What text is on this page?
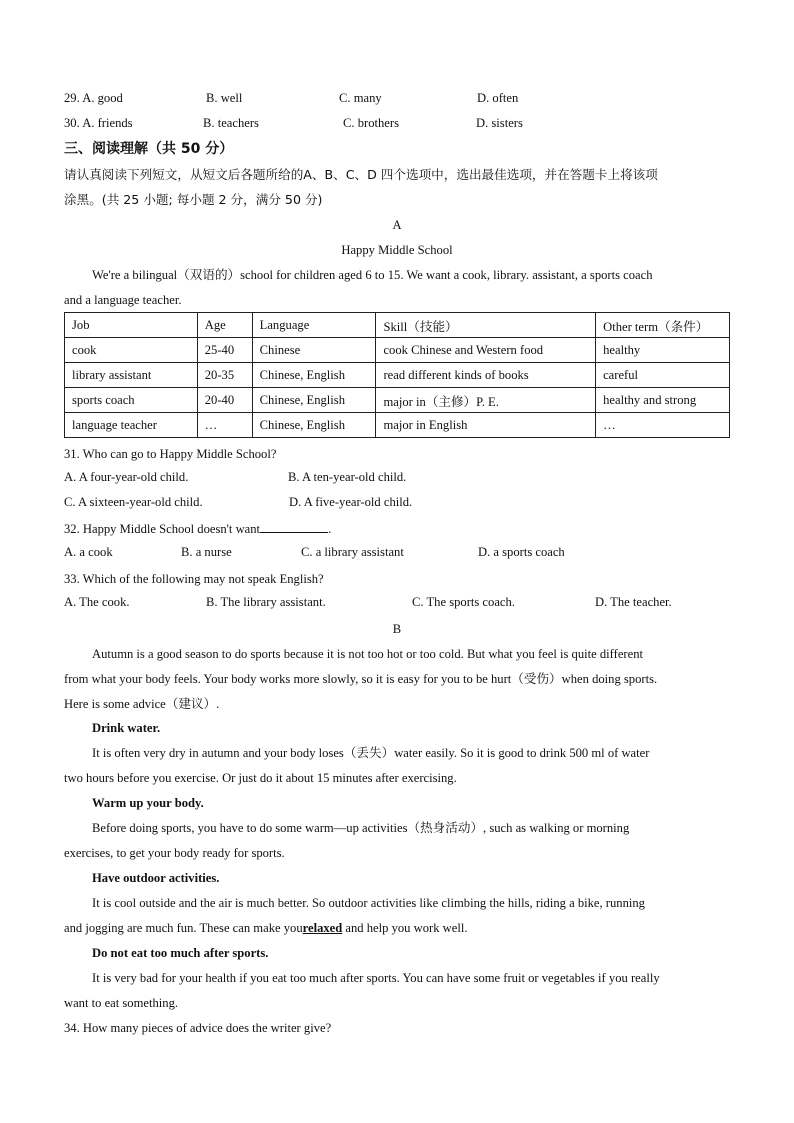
29. A. good	B. well	C. many	D. often
30. A. friends	B. teachers	C. brothers	D. sisters
三、阅读理解（共 50 分）
请认真阅读下列短文，从短文后各题所给的A、B、C、D 四个选项中，选出最佳选项，并在答题卡上将该项
涂黑。(共 25 小题; 每小题 2 分，满分 50 分)
A
Happy Middle School
We're a bilingual（双语的）school for children aged 6 to 15. We want a cook, library. assistant, a sports coach
and a language teacher.
Job	Age	Language	Skill（技能）	Other term（条件）
cook	25-40	Chinese	cook Chinese and Western food	healthy
library assistant	20-35	Chinese, English	read different kinds of books	careful
sports coach	20-40	Chinese, English	major in（主修）P. E.	healthy and strong
language teacher	…	Chinese, English	major in English	…
31. Who can go to Happy Middle School?
A. A four-year-old child.	B. A ten-year-old child.
C. A sixteen-year-old child.	D. A five-year-old child.
32. Happy Middle School doesn't want	.
A. a cook	B. a nurse	C. a library assistant	D. a sports coach
33. Which of the following may not speak English?
A. The cook.	B. The library assistant.	C. The sports coach.	D. The teacher.
B
Autumn is a good season to do sports because it is not too hot or too cold. But what you feel is quite different
from what your body feels. Your body works more slowly, so it is easy for you to be hurt（受伤）when doing sports.
Here is some advice（建议）.
Drink water.
It is often very dry in autumn and your body loses（丢失）water easily. So it is good to drink 500 ml of water
two hours before you exercise. Or just do it about 15 minutes after exercising.
Warm up your body.
Before doing sports, you have to do some warm—up activities（热身活动）, such as walking or morning
exercises, to get your body ready for sports.
Have outdoor activities.
It is cool outside and the air is much better. So outdoor activities like climbing the hills, riding a bike, running
and jogging are much fun. These can make yourelaxed and help you work well.
Do not eat too much after sports.
It is very bad for your health if you eat too much after sports. You can have some fruit or vegetables if you really
want to eat something.
34. How many pieces of advice does the writer give?
